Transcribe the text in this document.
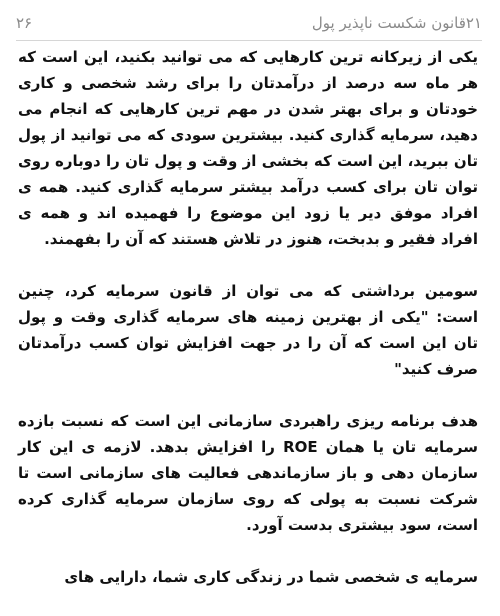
۲۶	۲۱قانون شکست ناپذیر پول

یکی از زیرکانه ترین کارهایی که می توانید بکنید، این است که هر ماه سه درصد از درآمدتان را برای رشد شخصی و کاری خودتان و برای بهتر شدن در مهم ترین کارهایی که انجام می دهید، سرمایه گذاری کنید. بیشترین سودی که می توانید از پول تان ببرید، این است که بخشی از وقت و پول تان را دوباره روی توان تان برای کسب درآمد بیشتر سرمایه گذاری کنید. همه ی افراد موفق دیر یا زود این موضوع را فهمیده اند و همه ی افراد فقیر و بدبخت، هنوز در تلاش هستند که آن را بفهمند.

سومین برداشتی که می توان از قانون سرمایه کرد، چنین است: "یکی از بهترین زمینه های سرمایه گذاری وقت و پول تان این است که آن را در جهت افزایش توان کسب درآمدتان صرف کنید"

هدف برنامه ریزی راهبردی سازمانی این است که نسبت بازده سرمایه تان یا همان ROE را افزایش بدهد. لازمه ی این کار سازمان دهی و باز سازماندهی فعالیت های سازمانی است تا شرکت نسبت به پولی که روی سازمان سرمایه گذاری کرده است، سود بیشتری بدست آورد.

سرمایه ی شخصی شما در زندگی کاری شما، دارایی های
